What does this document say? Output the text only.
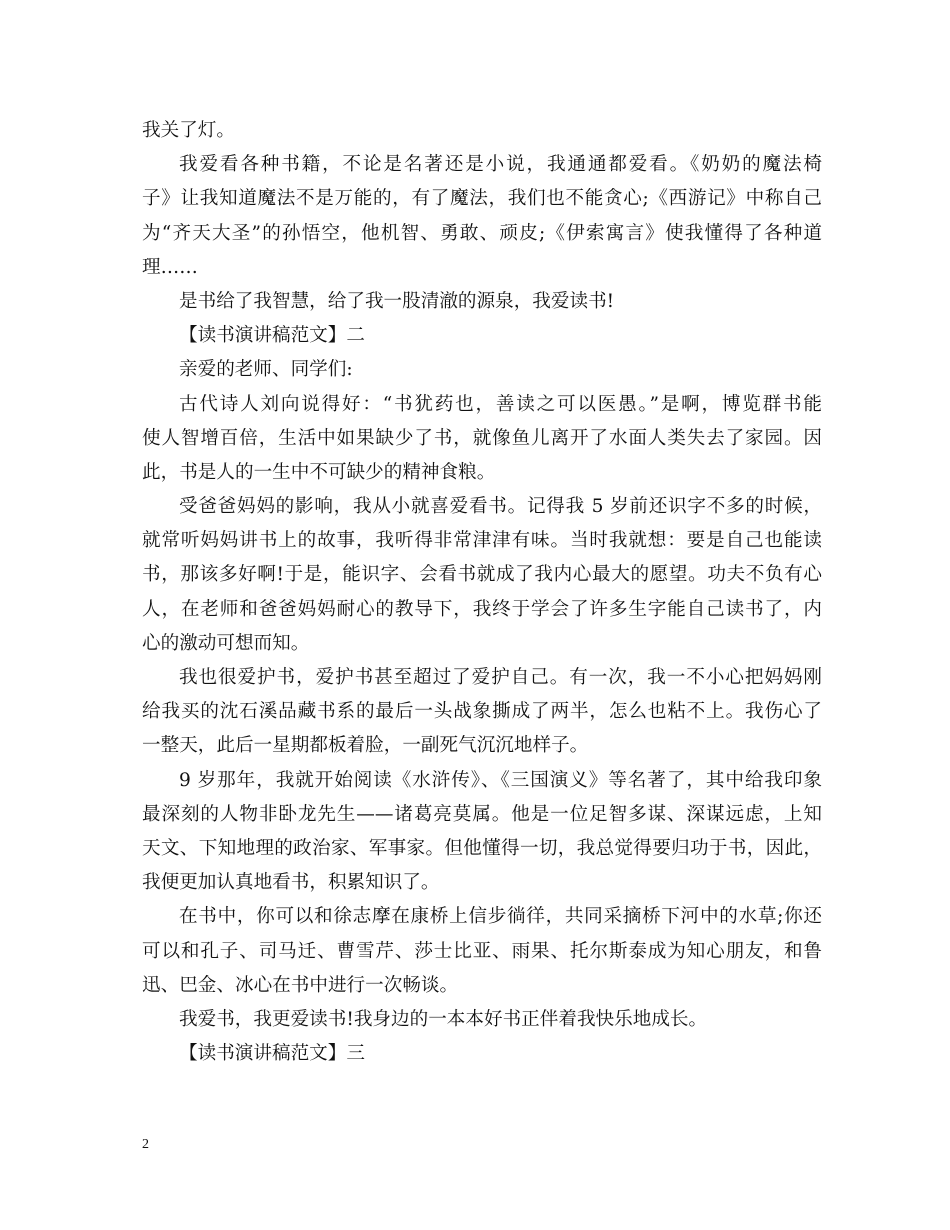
我关了灯。

我爱看各种书籍，不论是名著还是小说，我通通都爱看。《奶奶的魔法椅

子》让我知道魔法不是万能的，有了魔法，我们也不能贪心;《西游记》中称自己

为“齐天大圣”的孙悟空，他机智、勇敢、顽皮;《伊索寓言》使我懂得了各种道

理……

是书给了我智慧，给了我一股清澈的源泉，我爱读书!

【读书演讲稿范文】二

亲爱的老师、同学们:

古代诗人刘向说得好：“书犹药也，善读之可以医愚。”是啊，博览群书能

使人智增百倍，生活中如果缺少了书，就像鱼儿离开了水面人类失去了家园。因

此，书是人的一生中不可缺少的精神食粮。

受爸爸妈妈的影响，我从小就喜爱看书。记得我 5 岁前还识字不多的时候，

就常听妈妈讲书上的故事，我听得非常津津有味。当时我就想：要是自己也能读

书，那该多好啊!于是，能识字、会看书就成了我内心最大的愿望。功夫不负有心

人，在老师和爸爸妈妈耐心的教导下，我终于学会了许多生字能自己读书了，内

心的激动可想而知。

我也很爱护书，爱护书甚至超过了爱护自己。有一次，我一不小心把妈妈刚

给我买的沈石溪品藏书系的最后一头战象撕成了两半，怎么也粘不上。我伤心了

一整天，此后一星期都板着脸，一副死气沉沉地样子。

9 岁那年，我就开始阅读《水浒传》、《三国演义》等名著了，其中给我印象

最深刻的人物非卧龙先生——诸葛亮莫属。他是一位足智多谋、深谋远虑，上知

天文、下知地理的政治家、军事家。但他懂得一切，我总觉得要归功于书，因此，

我便更加认真地看书，积累知识了。

在书中，你可以和徐志摩在康桥上信步徜徉，共同采摘桥下河中的水草;你还

可以和孔子、司马迁、曹雪芹、莎士比亚、雨果、托尔斯泰成为知心朋友，和鲁

迅、巴金、冰心在书中进行一次畅谈。

我爱书，我更爱读书!我身边的一本本好书正伴着我快乐地成长。

【读书演讲稿范文】三

2
